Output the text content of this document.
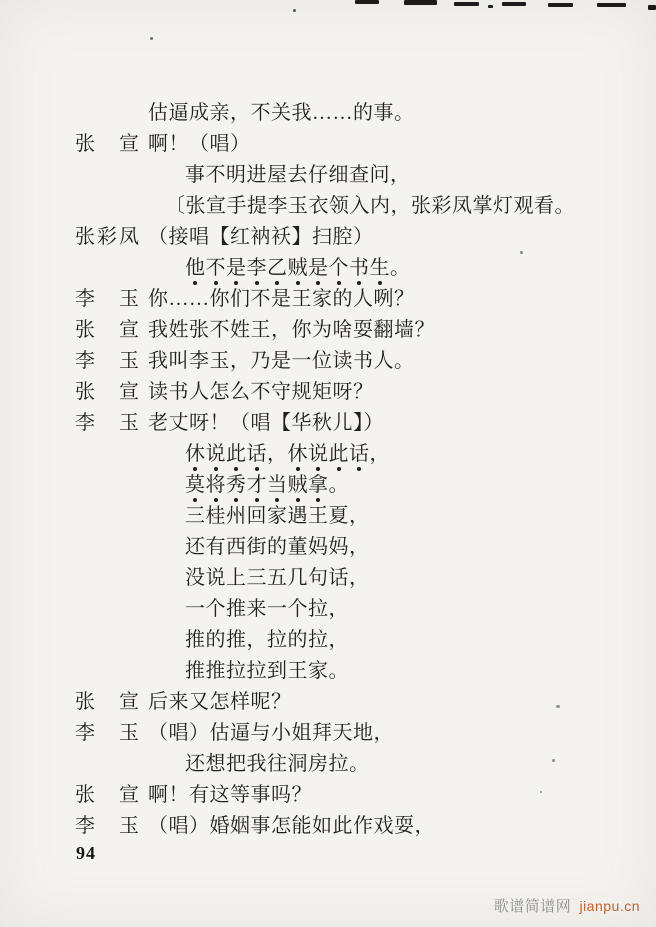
估逼成亲，不关我……的事。
张 宣 啊！（唱）
事不明进屋去仔细查问，
〔张宣手提李玉衣领入内，张彩凤掌灯观看。
张 彩 凤 （接唱【红衲袄】扫腔）
他不是李乙贼是个书生。
李 玉 你……你们不是王家的人咧？
张 宣 我姓张不姓王，你为啥耍翻墙？
李 玉 我叫李玉，乃是一位读书人。
张 宣 读书人怎么不守规矩呀？
李 玉 老丈呀！（唱【华秋儿】）
休说此话，休说此话，
莫将秀才当贼拿。
三桂州回家遇王夏，
还有西街的董妈妈，
没说上三五几句话，
一个推来一个拉，
推的推，拉的拉，
推推拉拉到王家。
张 宣 后来又怎样呢？
李 玉 （唱）估逼与小姐拜天地，
还想把我往洞房拉。
张 宣 啊！有这等事吗？
李 玉 （唱）婚姻事怎能如此作戏耍，
94
歌谱简谱网 jianpu.cn
